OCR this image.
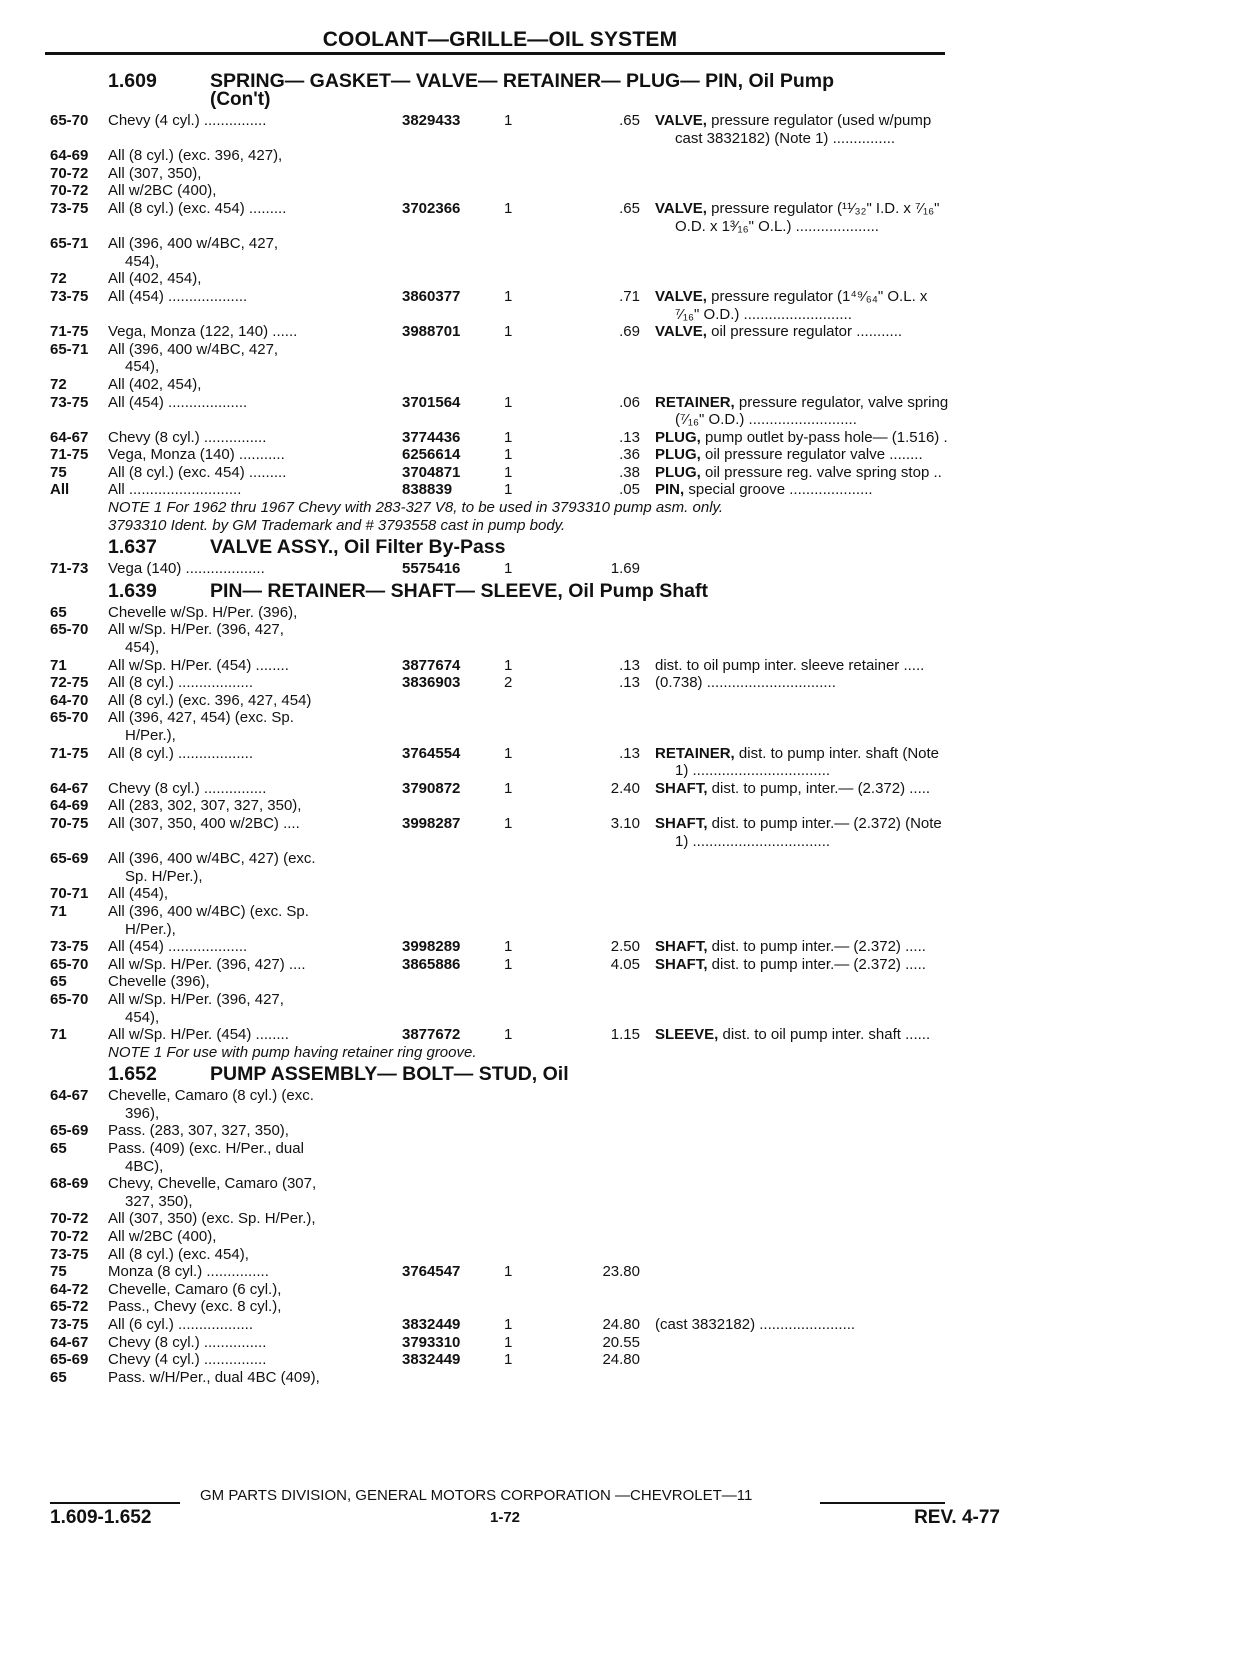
COOLANT—GRILLE—OIL SYSTEM
1.609	SPRING— GASKET— VALVE— RETAINER— PLUG— PIN, Oil Pump
(Con't)
65-70 Chevy (4 cyl.) ...............	3829433	1	.65 VALVE, pressure regulator (used w/pump
cast 3832182) (Note 1) ...............
64-69 All (8 cyl.) (exc. 396, 427),
70-72 All (307, 350),
70-72 All w/2BC (400),
73-75 All (8 cyl.) (exc. 454) .........	3702366	1	.65 VALVE, pressure regulator (¹¹⁄₃₂" I.D. x ⁷⁄₁₆"
O.D. x 1³⁄₁₆" O.L.) ....................
65-71 All (396, 400 w/4BC, 427,
454),
72	All (402, 454),
73-75 All (454) ...................	3860377	1	.71 VALVE, pressure regulator (1⁴⁹⁄₆₄" O.L. x
⁷⁄₁₆" O.D.) ..........................
71-75 Vega, Monza (122, 140) ......	3988701	1	.69 VALVE, oil pressure regulator ...........
65-71 All (396, 400 w/4BC, 427,
454),
72	All (402, 454),
73-75 All (454) ...................	3701564	1	.06 RETAINER, pressure regulator, valve spring
(⁷⁄₁₆" O.D.) ..........................
64-67 Chevy (8 cyl.) ...............	3774436	1	.13 PLUG, pump outlet by-pass hole— (1.516) .
71-75 Vega, Monza (140) ...........	6256614	1	.36 PLUG, oil pressure regulator valve ........
75	All (8 cyl.) (exc. 454) .........	3704871	1	.38 PLUG, oil pressure reg. valve spring stop ..
All	All ...........................	838839	1	.05 PIN, special groove ....................
NOTE 1 For 1962 thru 1967 Chevy with 283-327 V8, to be used in 3793310 pump asm. only.
3793310 Ident. by GM Trademark and # 3793558 cast in pump body.
1.637	VALVE ASSY., Oil Filter By-Pass
71-73 Vega (140) ...................	5575416	1	1.69
1.639	PIN— RETAINER— SHAFT— SLEEVE, Oil Pump Shaft
65	Chevelle w/Sp. H/Per. (396),
65-70 All w/Sp. H/Per. (396, 427,
454),
71	All w/Sp. H/Per. (454) ........	3877674	1	.13 dist. to oil pump inter. sleeve retainer .....
72-75 All (8 cyl.) ..................	3836903	2	.13 (0.738) ...............................
64-70 All (8 cyl.) (exc. 396, 427, 454)
65-70 All (396, 427, 454) (exc. Sp.
H/Per.),
71-75 All (8 cyl.) ..................	3764554	1	.13 RETAINER, dist. to pump inter. shaft (Note
1) .................................
64-67 Chevy (8 cyl.) ...............	3790872	1	2.40 SHAFT, dist. to pump, inter.— (2.372) .....
64-69 All (283, 302, 307, 327, 350),
70-75 All (307, 350, 400 w/2BC) ....	3998287	1	3.10 SHAFT, dist. to pump inter.— (2.372) (Note
1) .................................
65-69 All (396, 400 w/4BC, 427) (exc.
Sp. H/Per.),
70-71 All (454),
71	All (396, 400 w/4BC) (exc. Sp.
H/Per.),
73-75 All (454) ...................	3998289	1	2.50 SHAFT, dist. to pump inter.— (2.372) .....
65-70 All w/Sp. H/Per. (396, 427) ....	3865886	1	4.05 SHAFT, dist. to pump inter.— (2.372) .....
65	Chevelle (396),
65-70 All w/Sp. H/Per. (396, 427,
454),
71	All w/Sp. H/Per. (454) ........	3877672	1	1.15 SLEEVE, dist. to oil pump inter. shaft ......
NOTE 1 For use with pump having retainer ring groove.
1.652	PUMP ASSEMBLY— BOLT— STUD, Oil
64-67 Chevelle, Camaro (8 cyl.) (exc.
396),
65-69 Pass. (283, 307, 327, 350),
65	Pass. (409) (exc. H/Per., dual
4BC),
68-69 Chevy, Chevelle, Camaro (307,
327, 350),
70-72 All (307, 350) (exc. Sp. H/Per.),
70-72 All w/2BC (400),
73-75 All (8 cyl.) (exc. 454),
75	Monza (8 cyl.) ...............	3764547	1	23.80
64-72 Chevelle, Camaro (6 cyl.),
65-72 Pass., Chevy (exc. 8 cyl.),
73-75 All (6 cyl.) ..................	3832449	1	24.80 (cast 3832182) .......................
64-67 Chevy (8 cyl.) ...............	3793310	1	20.55
65-69 Chevy (4 cyl.) ...............	3832449	1	24.80
65	Pass. w/H/Per., dual 4BC (409),
GM PARTS DIVISION, GENERAL MOTORS CORPORATION —CHEVROLET—11
1.609-1.652	1-72	REV. 4-77
